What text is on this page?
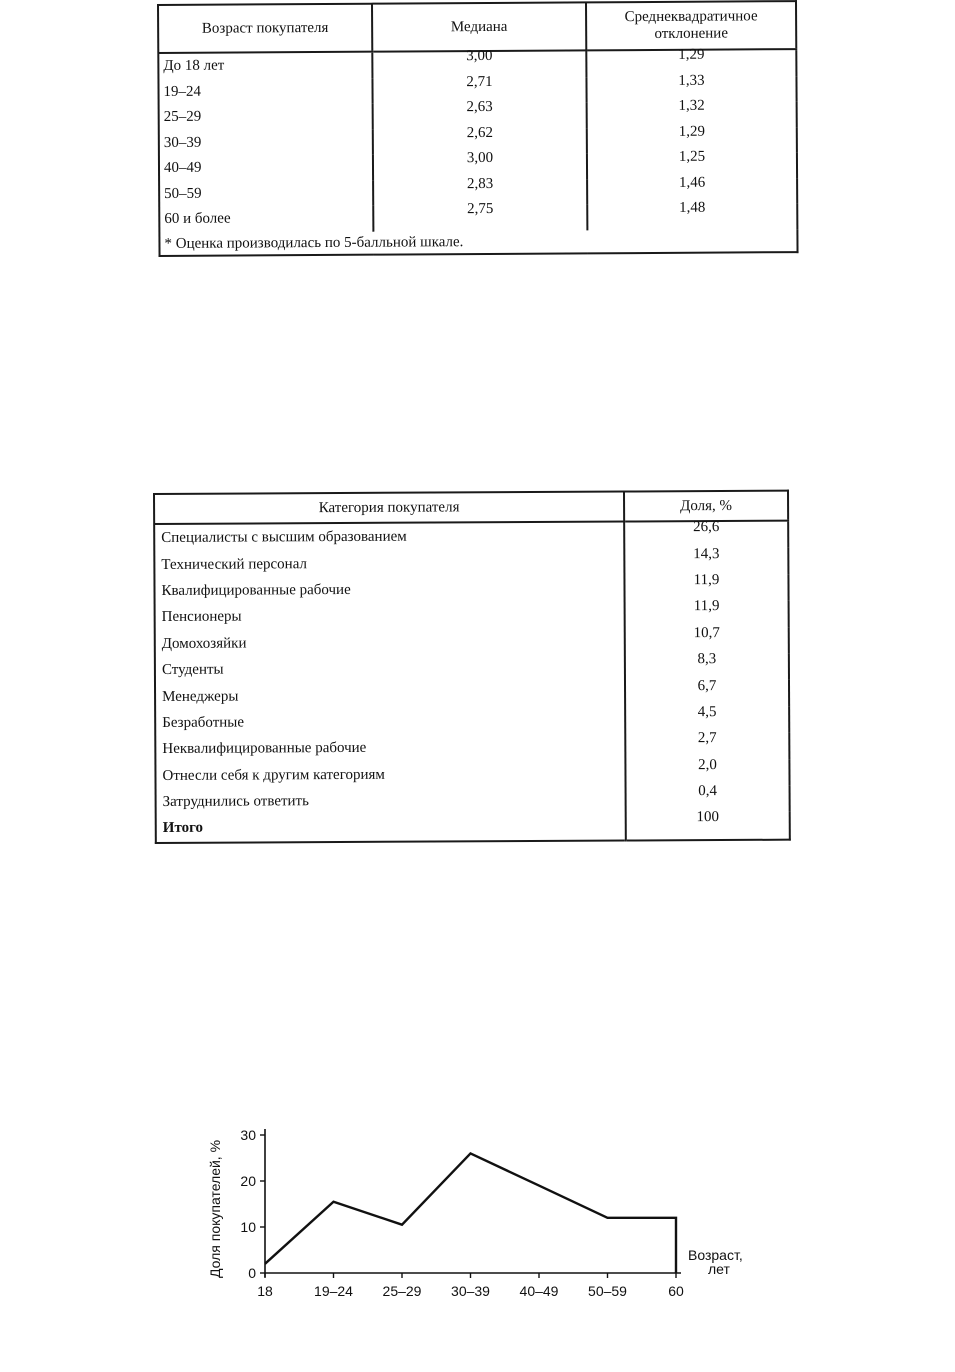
Возраст покупателя	Медиана	Среднеквадратичное
отклонение
До 18 лет	3,00	1,29
19–24	2,71	1,33
25–29	2,63	1,32
30–39	2,62	1,29
40–49	3,00	1,25
50–59	2,83	1,46
60 и более	2,75	1,48
* Оценка производилась по 5-балльной шкале.		
Категория покупателя	Доля, %
Специалисты с высшим образованием	26,6
Технический персонал	14,3
Квалифицированные рабочие	11,9
Пенсионеры	11,9
Домохозяйки	10,7
Студенты	8,3
Менеджеры	6,7
Безработные	4,5
Неквалифицированные рабочие	2,7
Отнесли себя к другим категориям	2,0
Затруднились ответить	0,4
Итого	100
0
10
20
30
18	19–24 25–29 30–39 40–49 50–59	60
Доля покупателей, %	Возраст,
лет
